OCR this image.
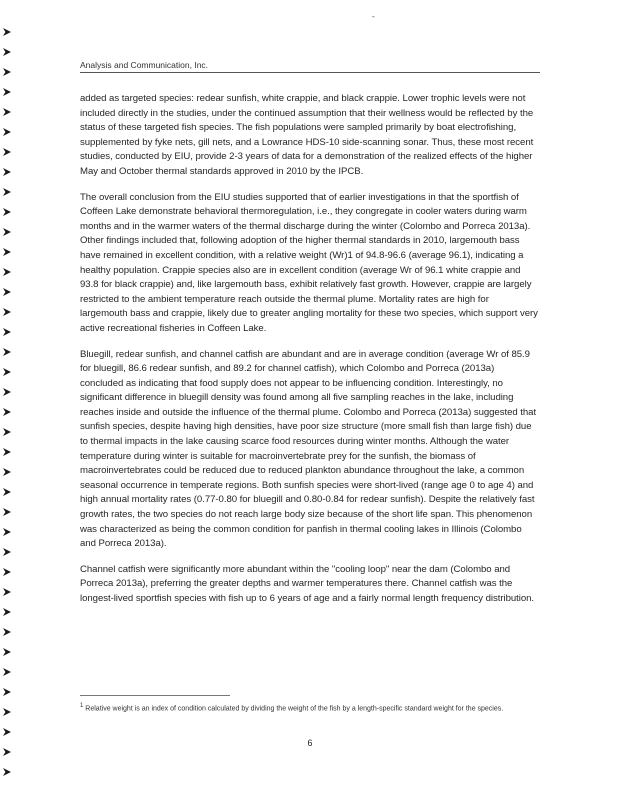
-
Analysis and Communication, Inc.

added as targeted species: redear sunfish, white crappie, and black crappie. Lower trophic levels were not included directly in the studies, under the continued assumption that their wellness would be reflected by the status of these targeted fish species. The fish populations were sampled primarily by boat electrofishing, supplemented by fyke nets, gill nets, and a Lowrance HDS-10 side-scanning sonar. Thus, these most recent studies, conducted by EIU, provide 2-3 years of data for a demonstration of the realized effects of the higher May and October thermal standards approved in 2010 by the IPCB.

The overall conclusion from the EIU studies supported that of earlier investigations in that the sportfish of Coffeen Lake demonstrate behavioral thermoregulation, i.e., they congregate in cooler waters during warm months and in the warmer waters of the thermal discharge during the winter (Colombo and Porreca 2013a). Other findings included that, following adoption of the higher thermal standards in 2010, largemouth bass have remained in excellent condition, with a relative weight (Wr)1 of 94.8-96.6 (average 96.1), indicating a healthy population. Crappie species also are in excellent condition (average Wr of 96.1 white crappie and 93.8 for black crappie) and, like largemouth bass, exhibit relatively fast growth. However, crappie are largely restricted to the ambient temperature reach outside the thermal plume. Mortality rates are high for largemouth bass and crappie, likely due to greater angling mortality for these two species, which support very active recreational fisheries in Coffeen Lake.

Bluegill, redear sunfish, and channel catfish are abundant and are in average condition (average Wr of 85.9 for bluegill, 86.6 redear sunfish, and 89.2 for channel catfish), which Colombo and Porreca (2013a) concluded as indicating that food supply does not appear to be influencing condition. Interestingly, no significant difference in bluegill density was found among all five sampling reaches in the lake, including reaches inside and outside the influence of the thermal plume. Colombo and Porreca (2013a) suggested that sunfish species, despite having high densities, have poor size structure (more small fish than large fish) due to thermal impacts in the lake causing scarce food resources during winter months. Although the water temperature during winter is suitable for macroinvertebrate prey for the sunfish, the biomass of macroinvertebrates could be reduced due to reduced plankton abundance throughout the lake, a common seasonal occurrence in temperate regions. Both sunfish species were short-lived (range age 0 to age 4) and high annual mortality rates (0.77-0.80 for bluegill and 0.80-0.84 for redear sunfish). Despite the relatively fast growth rates, the two species do not reach large body size because of the short life span. This phenomenon was characterized as being the common condition for panfish in thermal cooling lakes in Illinois (Colombo and Porreca 2013a).

Channel catfish were significantly more abundant within the "cooling loop" near the dam (Colombo and Porreca 2013a), preferring the greater depths and warmer temperatures there. Channel catfish was the longest-lived sportfish species with fish up to 6 years of age and a fairly normal length frequency distribution.

$^1$ Relative weight is an index of condition calculated by dividing the weight of the fish by a length-specific standard weight for the species.

6
